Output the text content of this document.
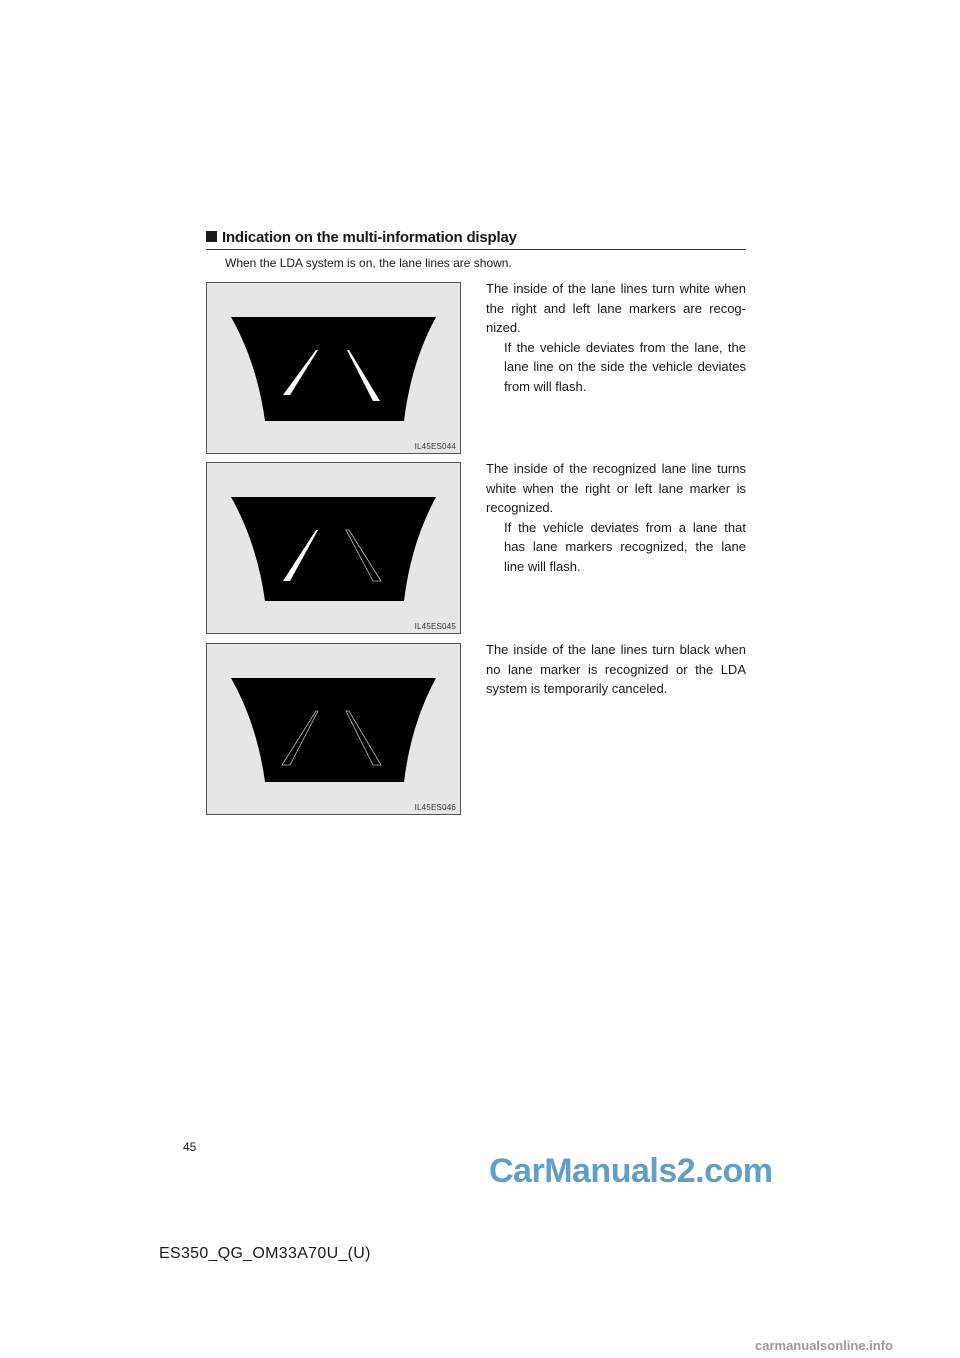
Indication on the multi-information display
When the LDA system is on, the lane lines are shown.
IL45ES044
IL45ES045
IL45ES046
The inside of the lane lines turn white when the right and left lane markers are recog- nized.
If the vehicle deviates from the lane, the lane line on the side the vehicle deviates from will flash.
The inside of the recognized lane line turns white when the right or left lane marker is recognized.
If the vehicle deviates from a lane that has lane markers recognized, the lane line will flash.
The inside of the lane lines turn black when no lane marker is recognized or the LDA system is temporarily canceled.
45
ES350_QG_OM33A70U_(U)
CarManuals2.com
carmanualsonline.info
